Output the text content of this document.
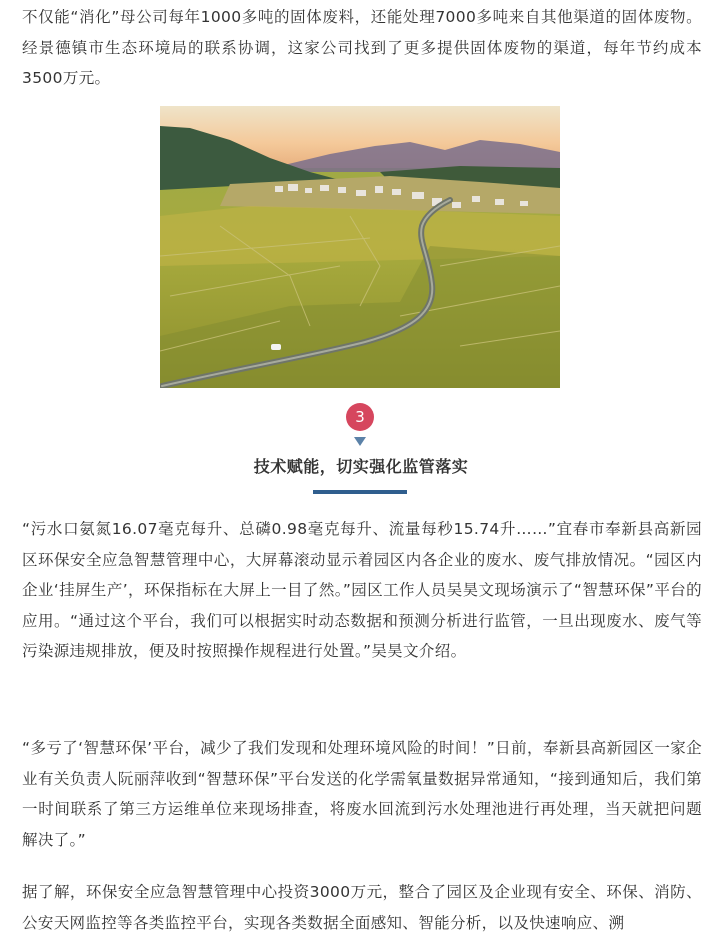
不仅能“消化”母公司每年1000多吨的固体废料，还能处理7000多吨来自其他渠道的固体废物。经景德镇市生态环境局的联系协调，这家公司找到了更多提供固体废物的渠道，每年节约成本3500万元。

3
技术赋能，切实强化监管落实

“污水口氨氮16.07毫克每升、总磷0.98毫克每升、流量每秒15.74升……”宜春市奉新县高新园区环保安全应急智慧管理中心，大屏幕滚动显示着园区内各企业的废水、废气排放情况。“园区内企业‘挂屏生产’，环保指标在大屏上一目了然。”园区工作人员吴昊文现场演示了“智慧环保”平台的应用。“通过这个平台，我们可以根据实时动态数据和预测分析进行监管，一旦出现废水、废气等污染源违规排放，便及时按照操作规程进行处置。”吴昊文介绍。

“多亏了‘智慧环保’平台，减少了我们发现和处理环境风险的时间！”日前，奉新县高新园区一家企业有关负责人阮丽萍收到“智慧环保”平台发送的化学需氧量数据异常通知，“接到通知后，我们第一时间联系了第三方运维单位来现场排查，将废水回流到污水处理池进行再处理，当天就把问题解决了。”

据了解，环保安全应急智慧管理中心投资3000万元，整合了园区及企业现有安全、环保、消防、公安天网监控等各类监控平台，实现各类数据全面感知、智能分析，以及快速响应、溯
